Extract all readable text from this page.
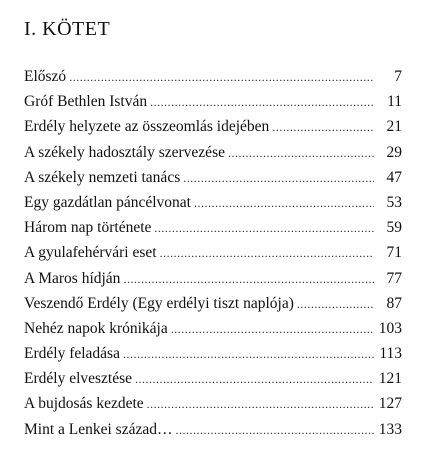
I. KÖTET
Előszó .....	7
Gróf Bethlen István .....	11
Erdély helyzete az összeomlás idejében .....	21
A székely hadosztály szervezése .....	29
A székely nemzeti tanács .....	47
Egy gazdátlan páncélvonat .....	53
Három nap története .....	59
A gyulafehérvári eset .....	71
A Maros hídján .....	77
Veszendő Erdély (Egy erdélyi tiszt naplója) .....	87
Nehéz napok krónikája .....	103
Erdély feladása .....	113
Erdély elvesztése .....	121
A bujdosás kezdete .....	127
Mint a Lenkei század… .....	133
